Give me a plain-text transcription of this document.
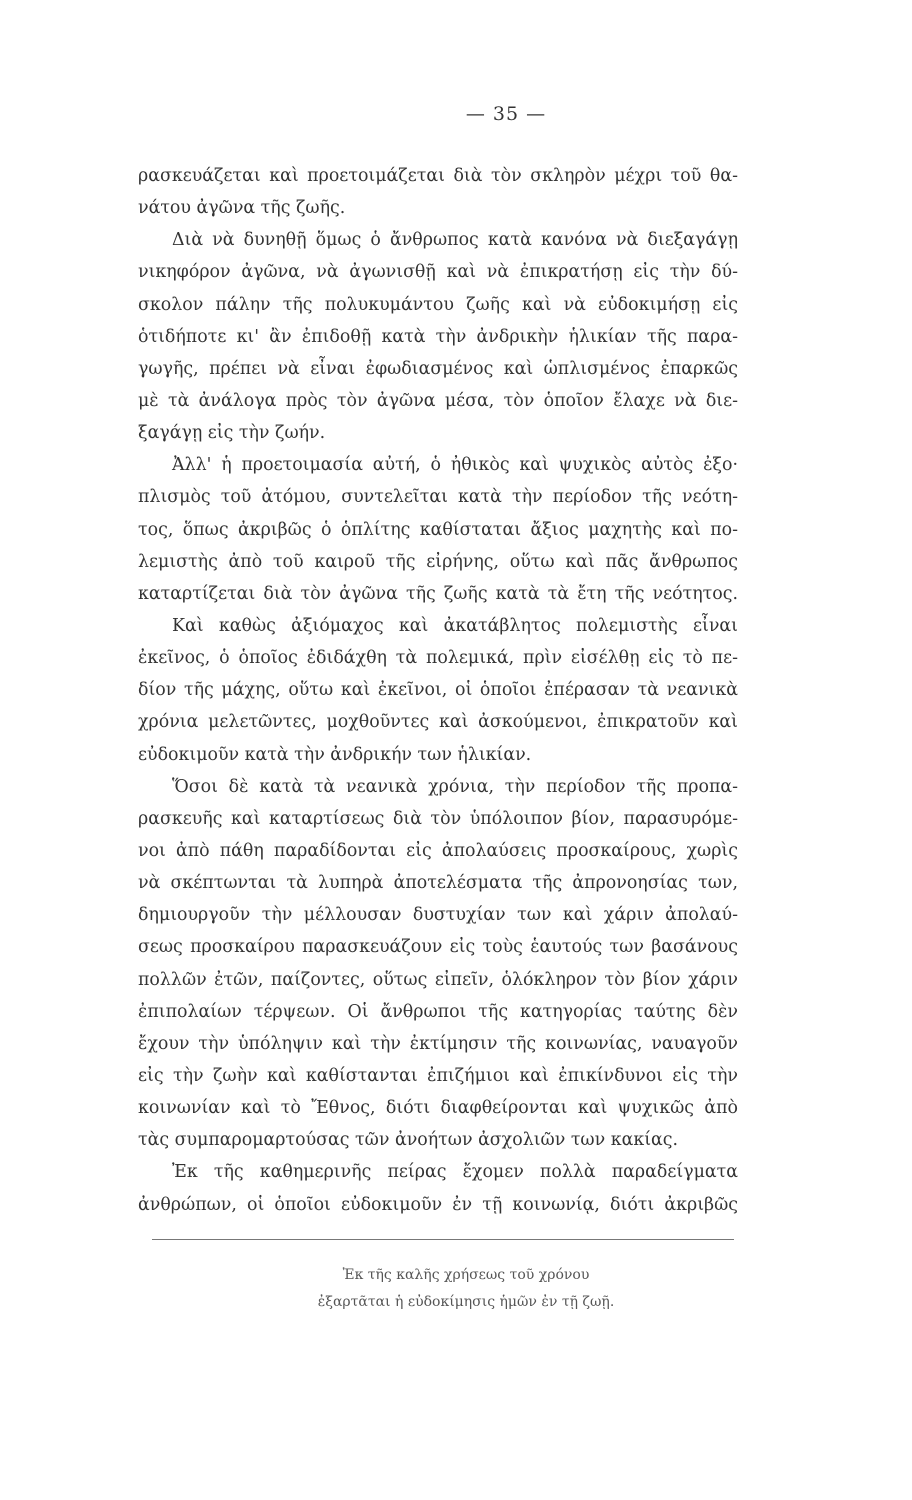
— 35 —
ρασκευάζεται καὶ προετοιμάζεται διὰ τὸν σκληρὸν μέχρι τοῦ θα-
νάτου ἀγῶνα τῆς ζωῆς.
Διὰ νὰ δυνηθῇ ὅμως ὁ ἄνθρωπος κατὰ κανόνα νὰ διεξαγάγῃ
νικηφόρον ἀγῶνα, νὰ ἀγωνισθῇ καὶ νὰ ἐπικρατήσῃ εἰς τὴν δύ-
σκολον πάλην τῆς πολυκυμάντου ζωῆς καὶ νὰ εὐδοκιμήσῃ εἰς
ὁτιδήποτε κι' ἂν ἐπιδοθῇ κατὰ τὴν ἀνδρικὴν ἡλικίαν τῆς παρα-
γωγῆς, πρέπει νὰ εἶναι ἐφωδιασμένος καὶ ὡπλισμένος ἐπαρκῶς
μὲ τὰ ἀνάλογα πρὸς τὸν ἀγῶνα μέσα, τὸν ὁποῖον ἔλαχε νὰ διε-
ξαγάγῃ εἰς τὴν ζωήν.
Ἀλλ' ἡ προετοιμασία αὐτή, ὁ ἠθικὸς καὶ ψυχικὸς αὐτὸς ἐξο·
πλισμὸς τοῦ ἀτόμου, συντελεῖται κατὰ τὴν περίοδον τῆς νεότη-
τος, ὅπως ἀκριβῶς ὁ ὁπλίτης καθίσταται ἄξιος μαχητὴς καὶ πο-
λεμιστὴς ἀπὸ τοῦ καιροῦ τῆς εἰρήνης, οὕτω καὶ πᾶς ἄνθρωπος
καταρτίζεται διὰ τὸν ἀγῶνα τῆς ζωῆς κατὰ τὰ ἔτη τῆς νεότητος.
Καὶ καθὼς ἀξιόμαχος καὶ ἀκατάβλητος πολεμιστὴς εἶναι
ἐκεῖνος, ὁ ὁποῖος ἐδιδάχθη τὰ πολεμικά, πρὶν εἰσέλθῃ εἰς τὸ πε-
δίον τῆς μάχης, οὕτω καὶ ἐκεῖνοι, οἱ ὁποῖοι ἐπέρασαν τὰ νεανικὰ
χρόνια μελετῶντες, μοχθοῦντες καὶ ἀσκούμενοι, ἐπικρατοῦν καὶ
εὐδοκιμοῦν κατὰ τὴν ἀνδρικήν των ἡλικίαν.
Ὅσοι δὲ κατὰ τὰ νεανικὰ χρόνια, τὴν περίοδον τῆς προπα-
ρασκευῆς καὶ καταρτίσεως διὰ τὸν ὑπόλοιπον βίον, παρασυρόμε-
νοι ἀπὸ πάθη παραδίδονται εἰς ἀπολαύσεις προσκαίρους, χωρὶς
νὰ σκέπτωνται τὰ λυπηρὰ ἀποτελέσματα τῆς ἀπρονοησίας των,
δημιουργοῦν τὴν μέλλουσαν δυστυχίαν των καὶ χάριν ἀπολαύ-
σεως προσκαίρου παρασκευάζουν εἰς τοὺς ἑαυτούς των βασάνους
πολλῶν ἐτῶν, παίζοντες, οὕτως εἰπεῖν, ὁλόκληρον τὸν βίον χάριν
ἐπιπολαίων τέρψεων. Οἱ ἄνθρωποι τῆς κατηγορίας ταύτης δὲν
ἔχουν τὴν ὑπόληψιν καὶ τὴν ἐκτίμησιν τῆς κοινωνίας, ναυαγοῦν
εἰς τὴν ζωὴν καὶ καθίστανται ἐπιζήμιοι καὶ ἐπικίνδυνοι εἰς τὴν
κοινωνίαν καὶ τὸ Ἔθνος, διότι διαφθείρονται καὶ ψυχικῶς ἀπὸ
τὰς συμπαρομαρτούσας τῶν ἀνοήτων ἀσχολιῶν των κακίας.
Ἐκ τῆς καθημερινῆς πείρας ἔχομεν πολλὰ παραδείγματα
ἀνθρώπων, οἱ ὁποῖοι εὐδοκιμοῦν ἐν τῇ κοινωνίᾳ, διότι ἀκριβῶς
Ἐκ τῆς καλῆς χρήσεως τοῦ χρόνου
ἐξαρτᾶται ἡ εὐδοκίμησις ἡμῶν ἐν τῇ ζωῇ.
